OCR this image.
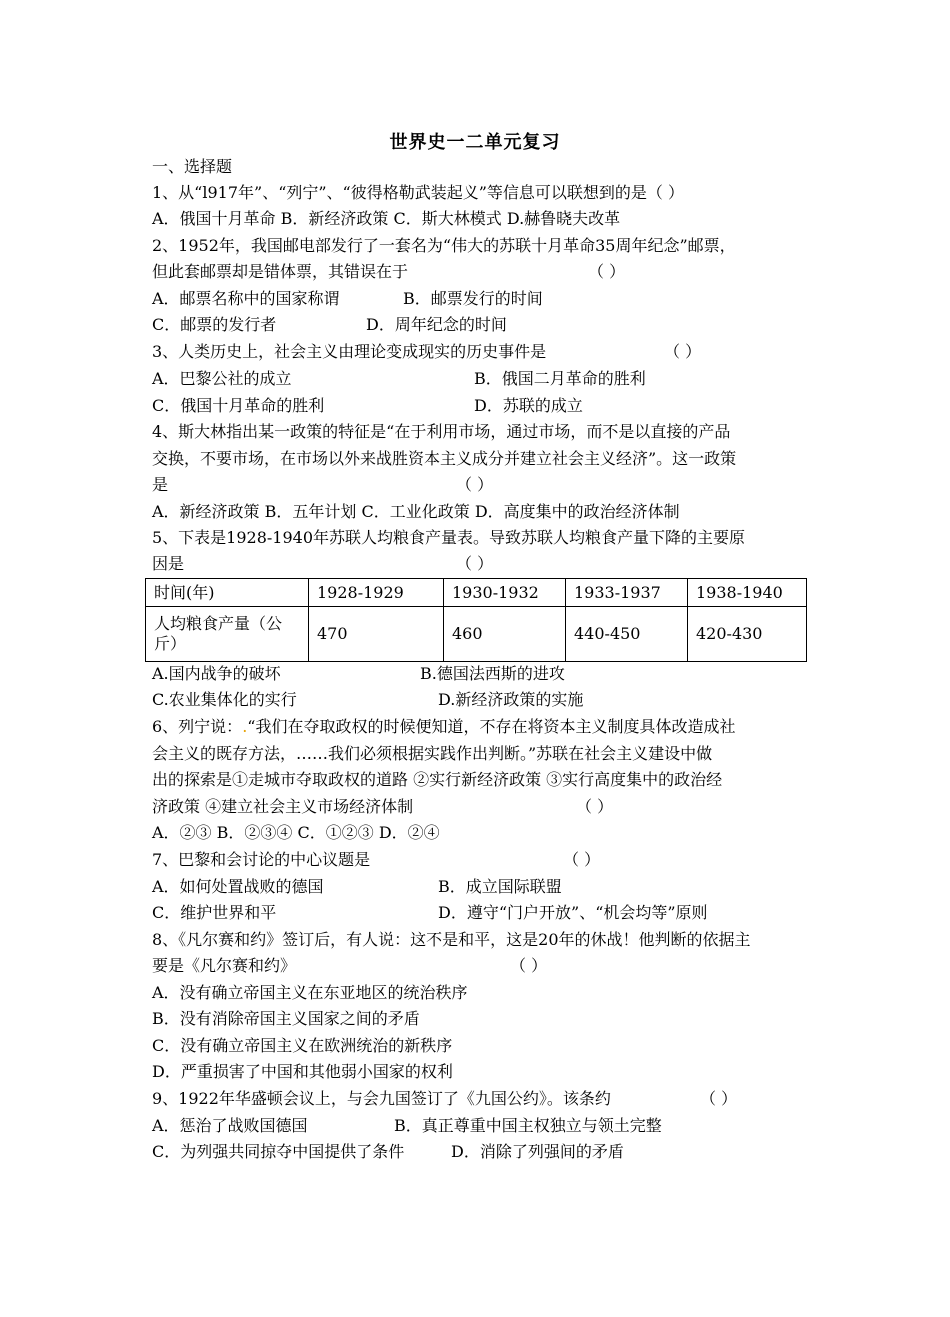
世界史一二单元复习
一、选择题
1、从“l917年”、“列宁”、“彼得格勒武装起义”等信息可以联想到的是（ ）
A．俄国十月革命 B．新经济政策 C．斯大林模式 D.赫鲁晓夫改革
2、1952年，我国邮电部发行了一套名为“伟大的苏联十月革命35周年纪念”邮票，
但此套邮票却是错体票，其错误在于	（ ）
A．邮票名称中的国家称谓	B．邮票发行的时间
C．邮票的发行者	D．周年纪念的时间
3、人类历史上，社会主义由理论变成现实的历史事件是	（ ）
A．巴黎公社的成立	B．俄国二月革命的胜利
C．俄国十月革命的胜利	D．苏联的成立
4、斯大林指出某一政策的特征是“在于利用市场，通过市场，而不是以直接的产品
交换，不要市场，在市场以外来战胜资本主义成分并建立社会主义经济”。这一政策
是	（ ）
A．新经济政策 B．五年计划 C．工业化政策 D．高度集中的政治经济体制
5、下表是1928-1940年苏联人均粮食产量表。导致苏联人均粮食产量下降的主要原
因是	（ ）
时间(年)	1928-1929	1930-1932	1933-1937	1938-1940
人均粮食产量（公斤）	470	460	440-450	420-430
A.国内战争的破坏	B.德国法西斯的进攻
C.农业集体化的实行	D.新经济政策的实施
6、列宁说：.“我们在夺取政权的时候便知道，不存在将资本主义制度具体改造成社
会主义的既存方法，……我们必须根据实践作出判断。”苏联在社会主义建设中做
出的探索是①走城市夺取政权的道路 ②实行新经济政策 ③实行高度集中的政治经
济政策 ④建立社会主义市场经济体制	（ ）
A．②③ B．②③④ C．①②③ D．②④
7、巴黎和会讨论的中心议题是	（ ）
A．如何处置战败的德国	B．成立国际联盟
C．维护世界和平	D．遵守“门户开放”、“机会均等”原则
8、《凡尔赛和约》签订后，有人说：这不是和平，这是20年的休战！他判断的依据主
要是《凡尔赛和约》	（ ）
A．没有确立帝国主义在东亚地区的统治秩序
B．没有消除帝国主义国家之间的矛盾
C．没有确立帝国主义在欧洲统治的新秩序
D．严重损害了中国和其他弱小国家的权利
9、1922年华盛顿会议上，与会九国签订了《九国公约》。该条约	（ ）
A．惩治了战败国德国	B．真正尊重中国主权独立与领土完整
C．为列强共同掠夺中国提供了条件	D．消除了列强间的矛盾
